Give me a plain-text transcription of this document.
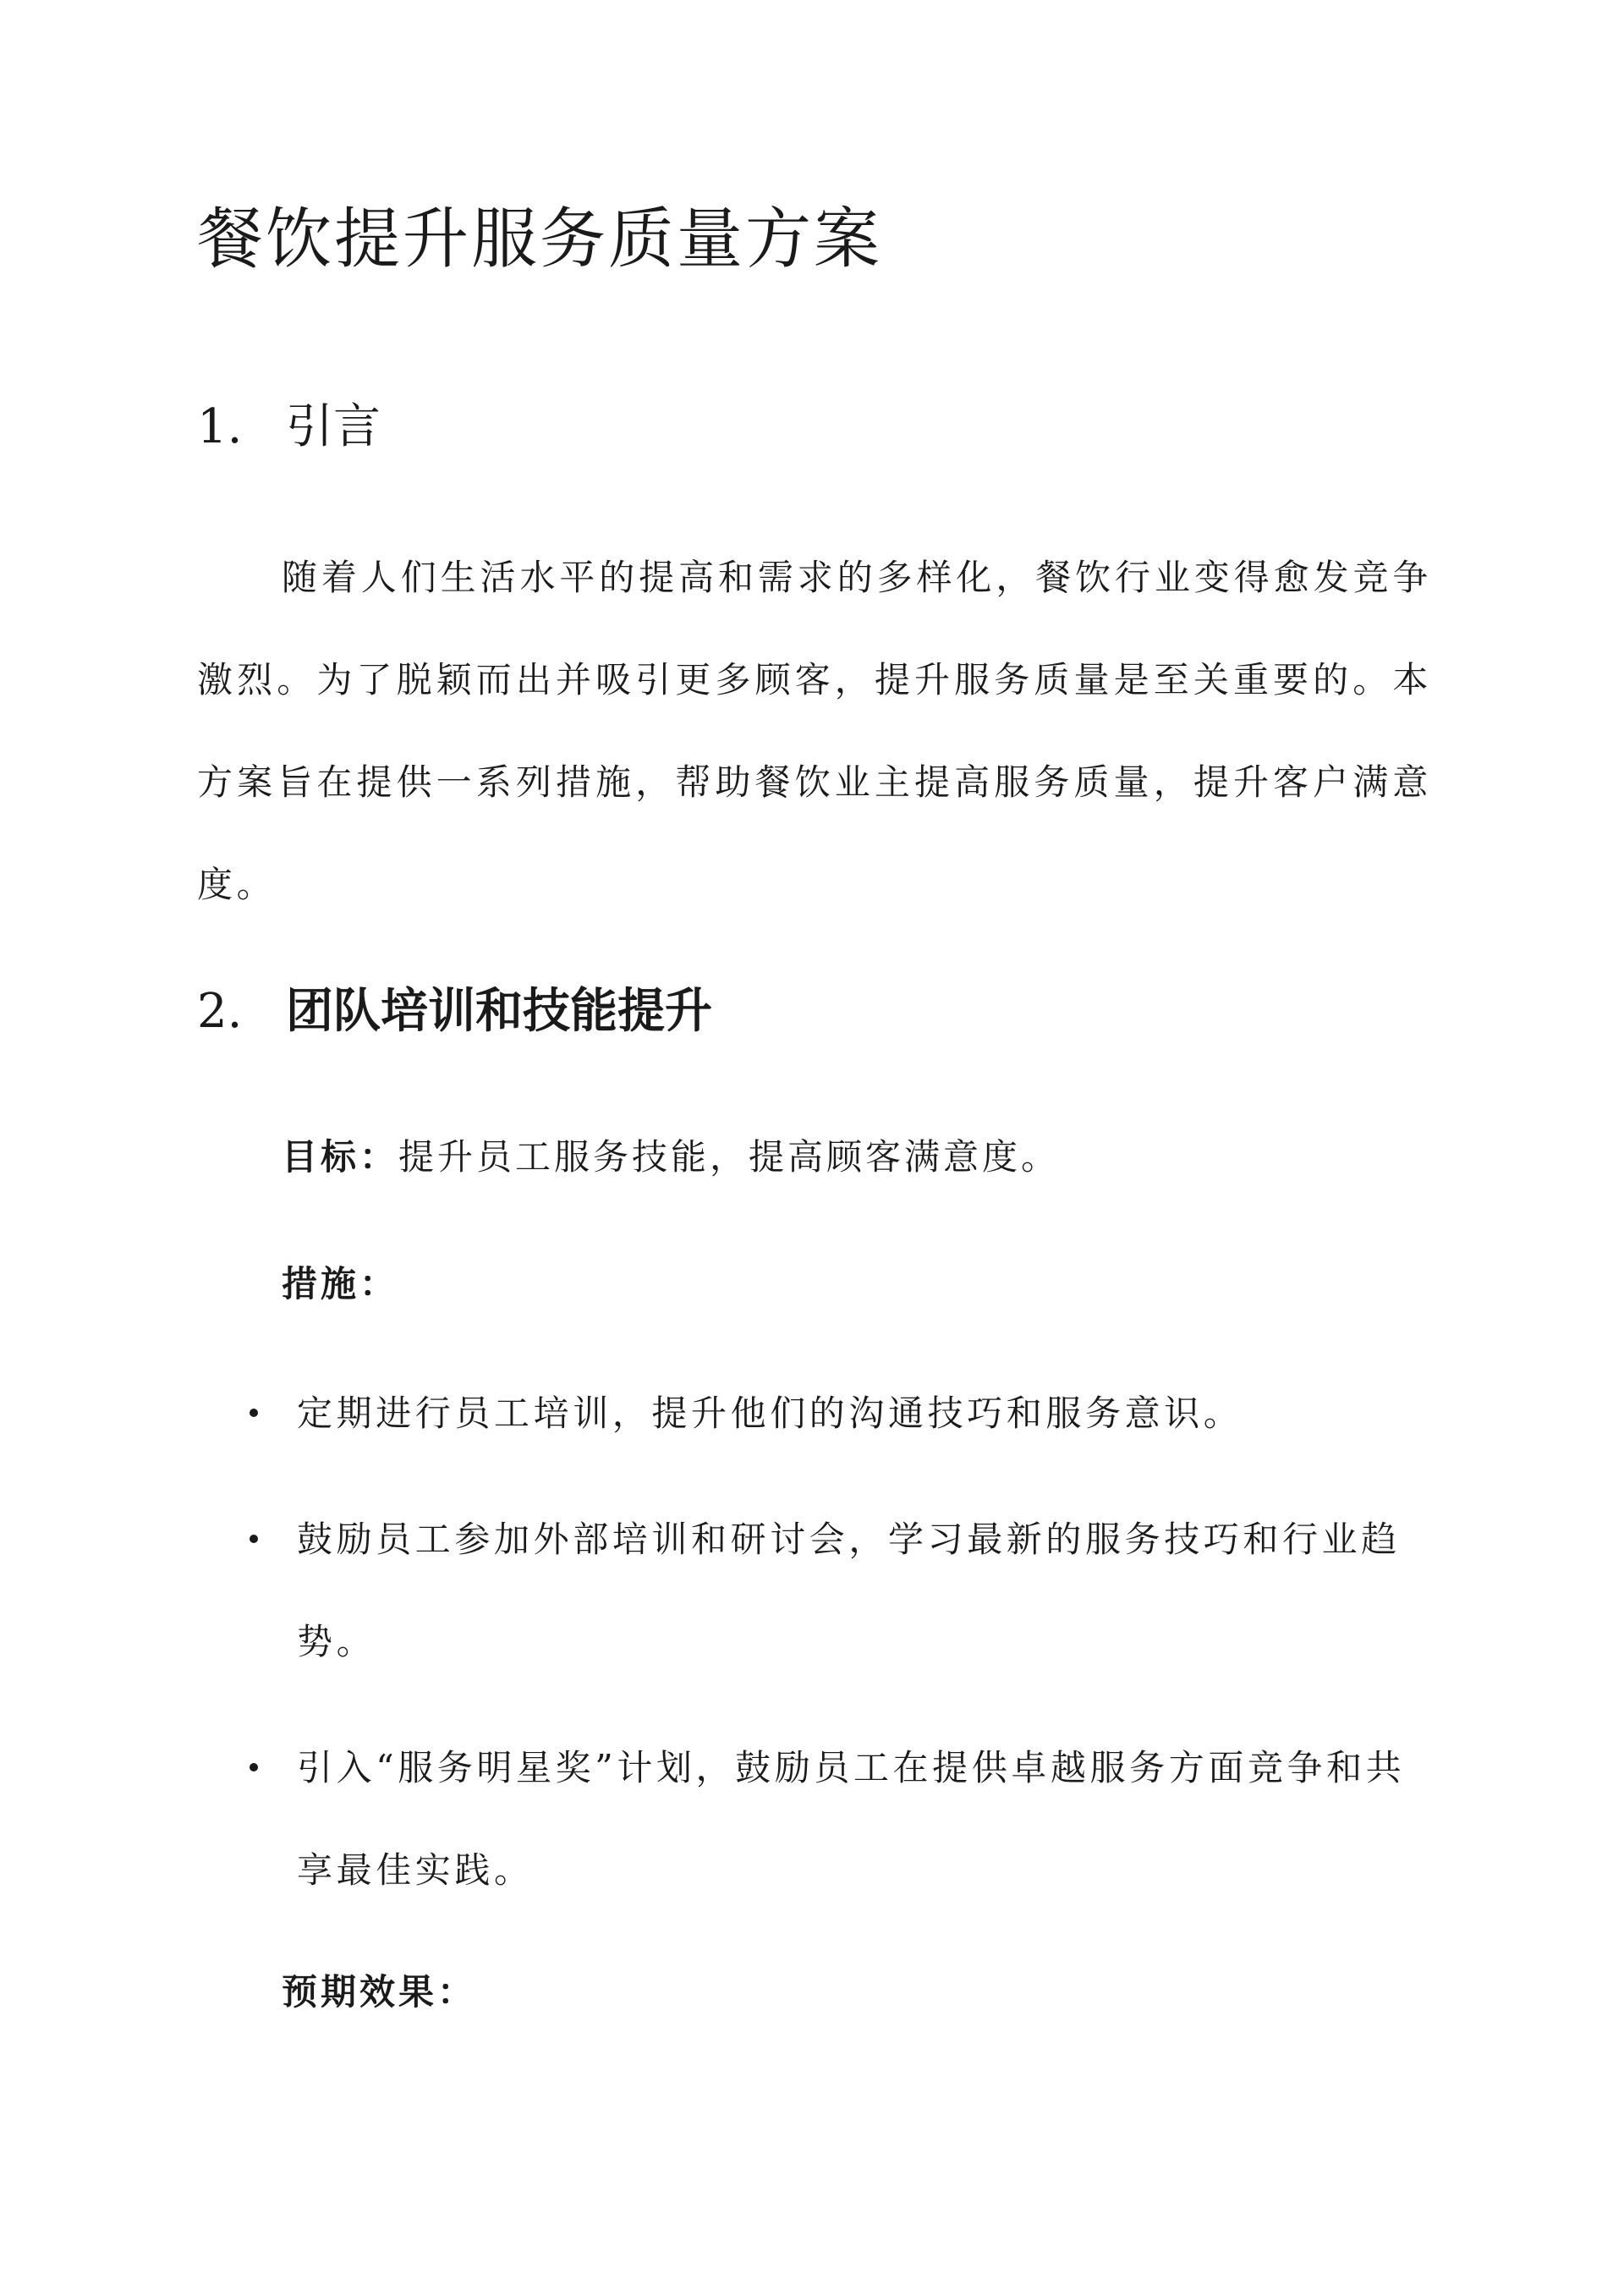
餐饮提升服务质量方案
1. 引言

随着人们生活水平的提高和需求的多样化，餐饮行业变得愈发竞争激烈。为了脱颖而出并吸引更多顾客，提升服务质量是至关重要的。本方案旨在提供一系列措施，帮助餐饮业主提高服务质量，提升客户满意度。

2. 团队培训和技能提升

目标：提升员工服务技能，提高顾客满意度。

措施：

定期进行员工培训，提升他们的沟通技巧和服务意识。
鼓励员工参加外部培训和研讨会，学习最新的服务技巧和行业趋势。
引入“服务明星奖”计划，鼓励员工在提供卓越服务方面竞争和共享最佳实践。

预期效果：
